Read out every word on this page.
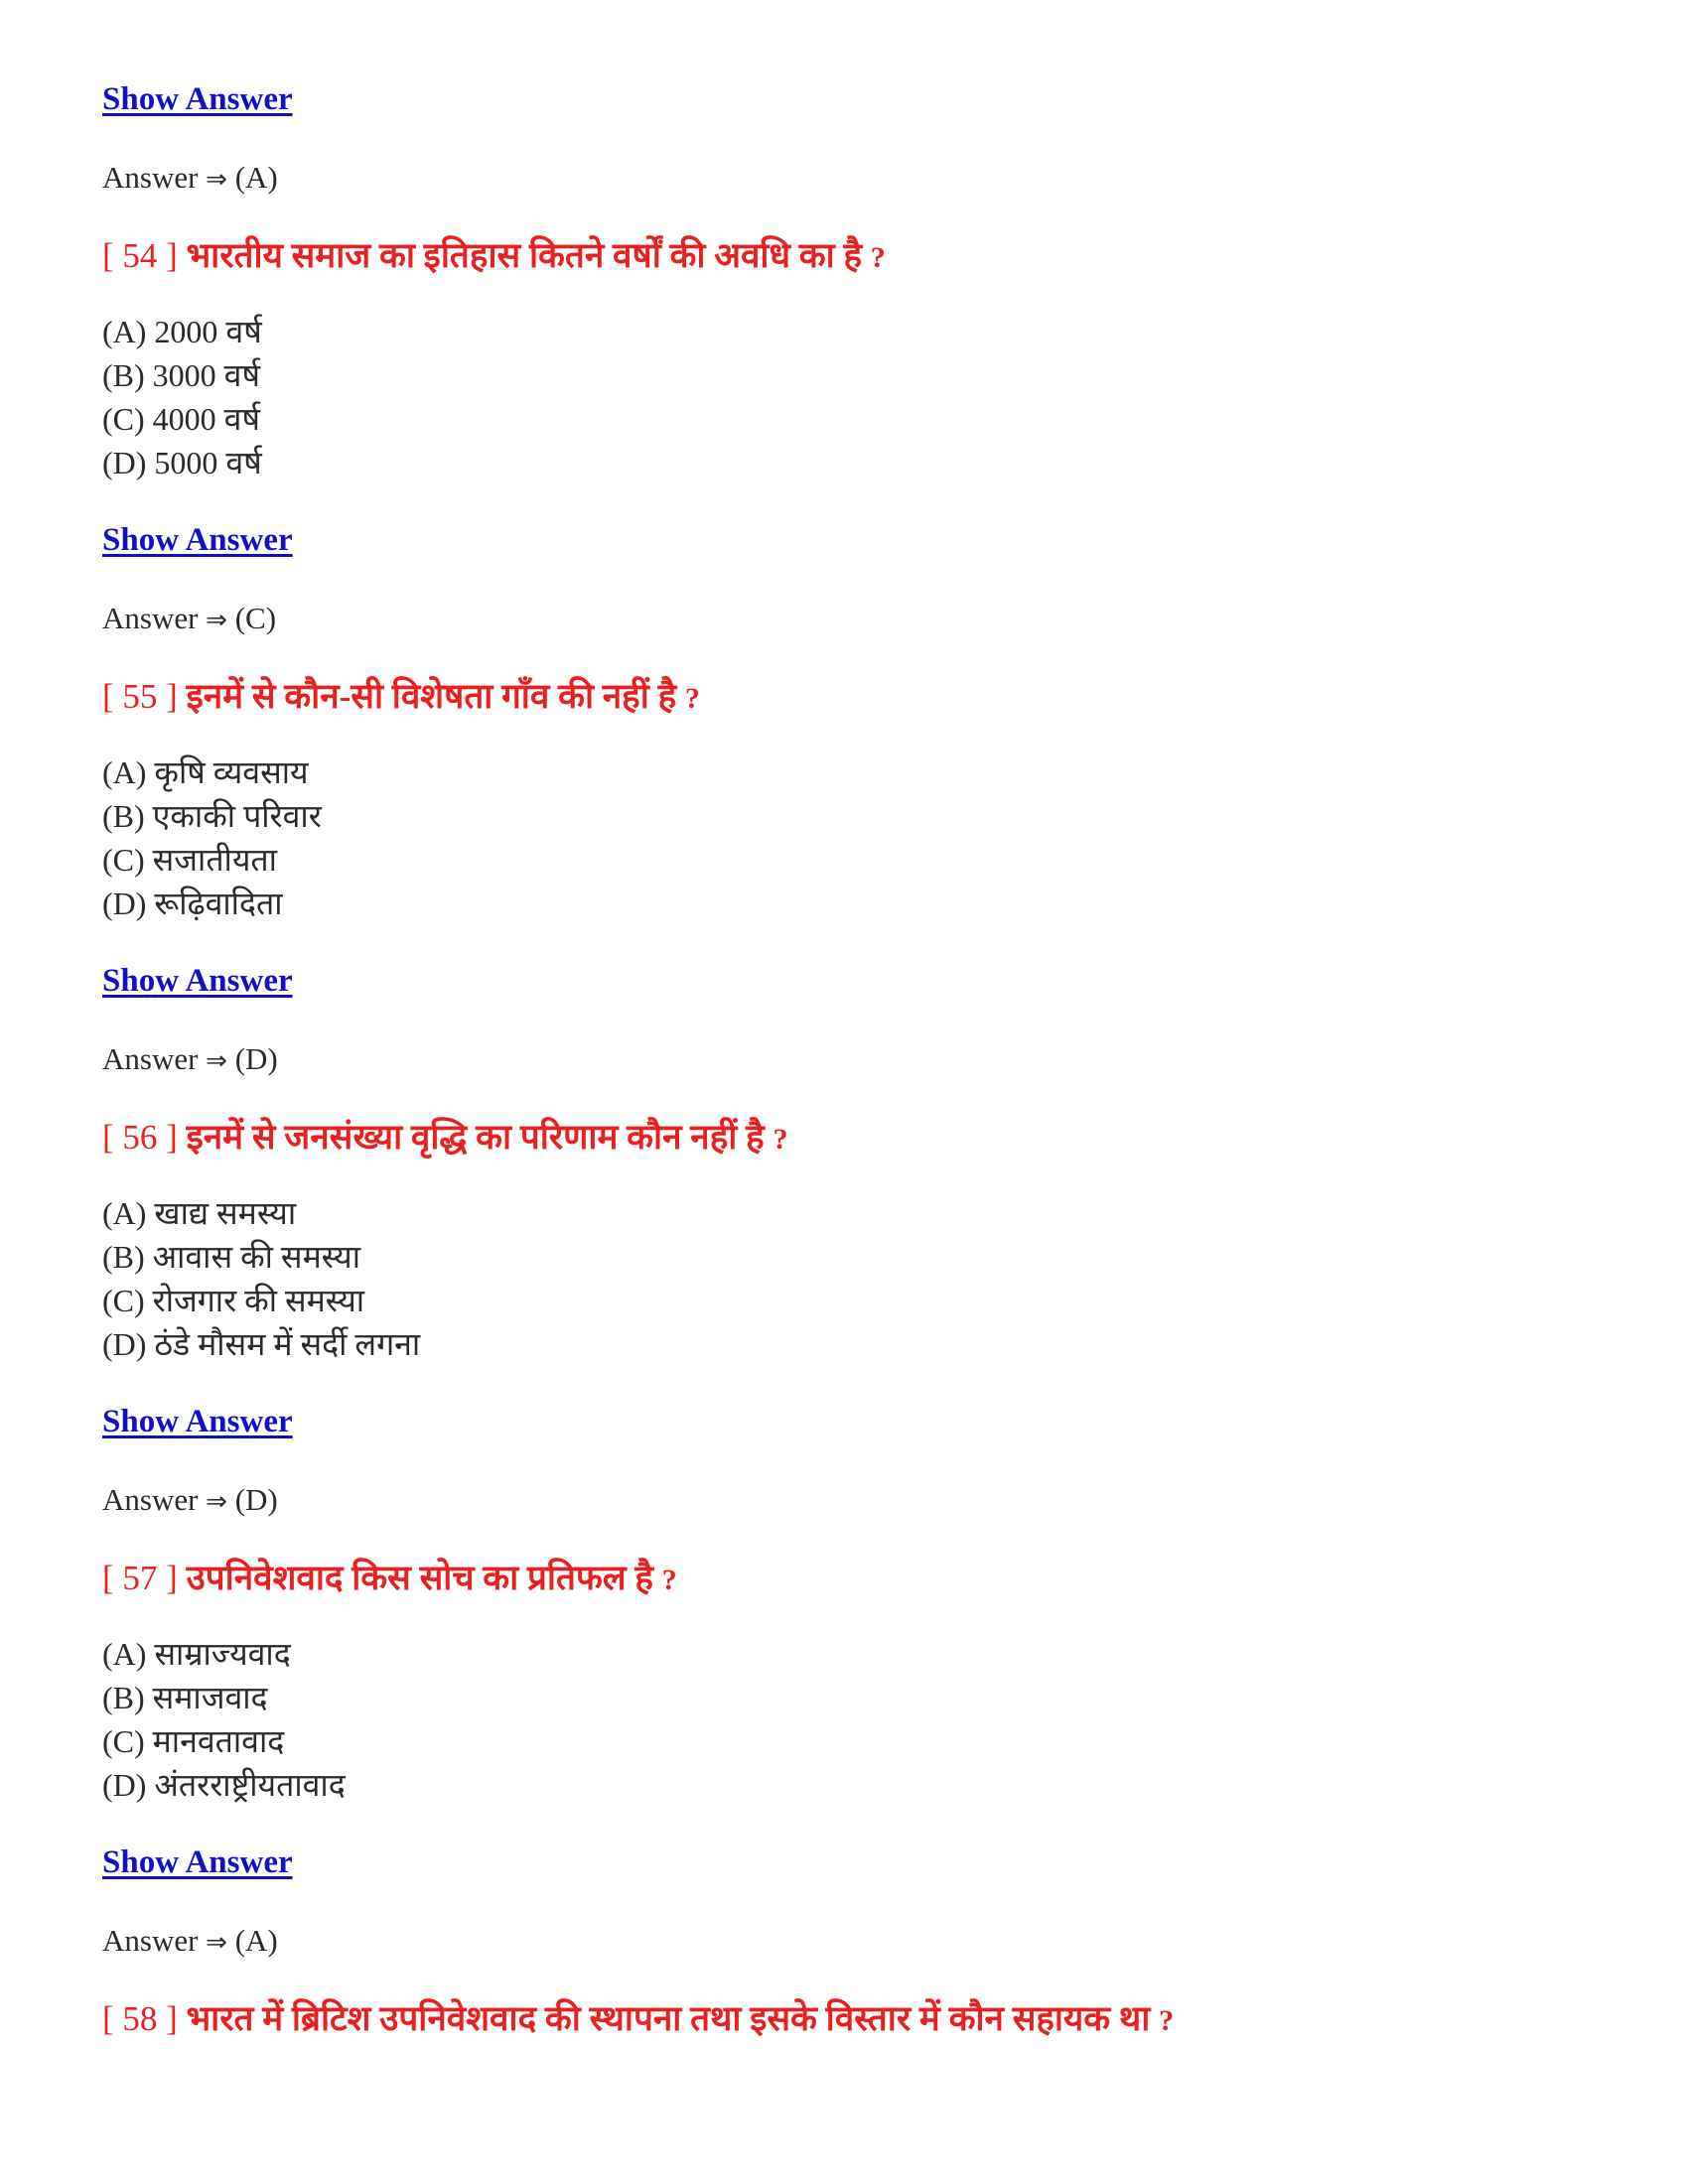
Show Answer
Answer ⇒ (A)
[ 54 ] भारतीय समाज का इतिहास कितने वर्षों की अवधि का है ?
(A) 2000 वर्ष
(B) 3000 वर्ष
(C) 4000 वर्ष
(D) 5000 वर्ष
Show Answer
Answer ⇒ (C)
[ 55 ] इनमें से कौन-सी विशेषता गाँव की नहीं है ?
(A) कृषि व्यवसाय
(B) एकाकी परिवार
(C) सजातीयता
(D) रूढ़िवादिता
Show Answer
Answer ⇒ (D)
[ 56 ] इनमें से जनसंख्या वृद्धि का परिणाम कौन नहीं है ?
(A) खाद्य समस्या
(B) आवास की समस्या
(C) रोजगार की समस्या
(D) ठंडे मौसम में सर्दी लगना
Show Answer
Answer ⇒ (D)
[ 57 ] उपनिवेशवाद किस सोच का प्रतिफल है ?
(A) साम्राज्यवाद
(B) समाजवाद
(C) मानवतावाद
(D) अंतरराष्ट्रीयतावाद
Show Answer
Answer ⇒ (A)
[ 58 ] भारत में ब्रिटिश उपनिवेशवाद की स्थापना तथा इसके विस्तार में कौन सहायक था ?
